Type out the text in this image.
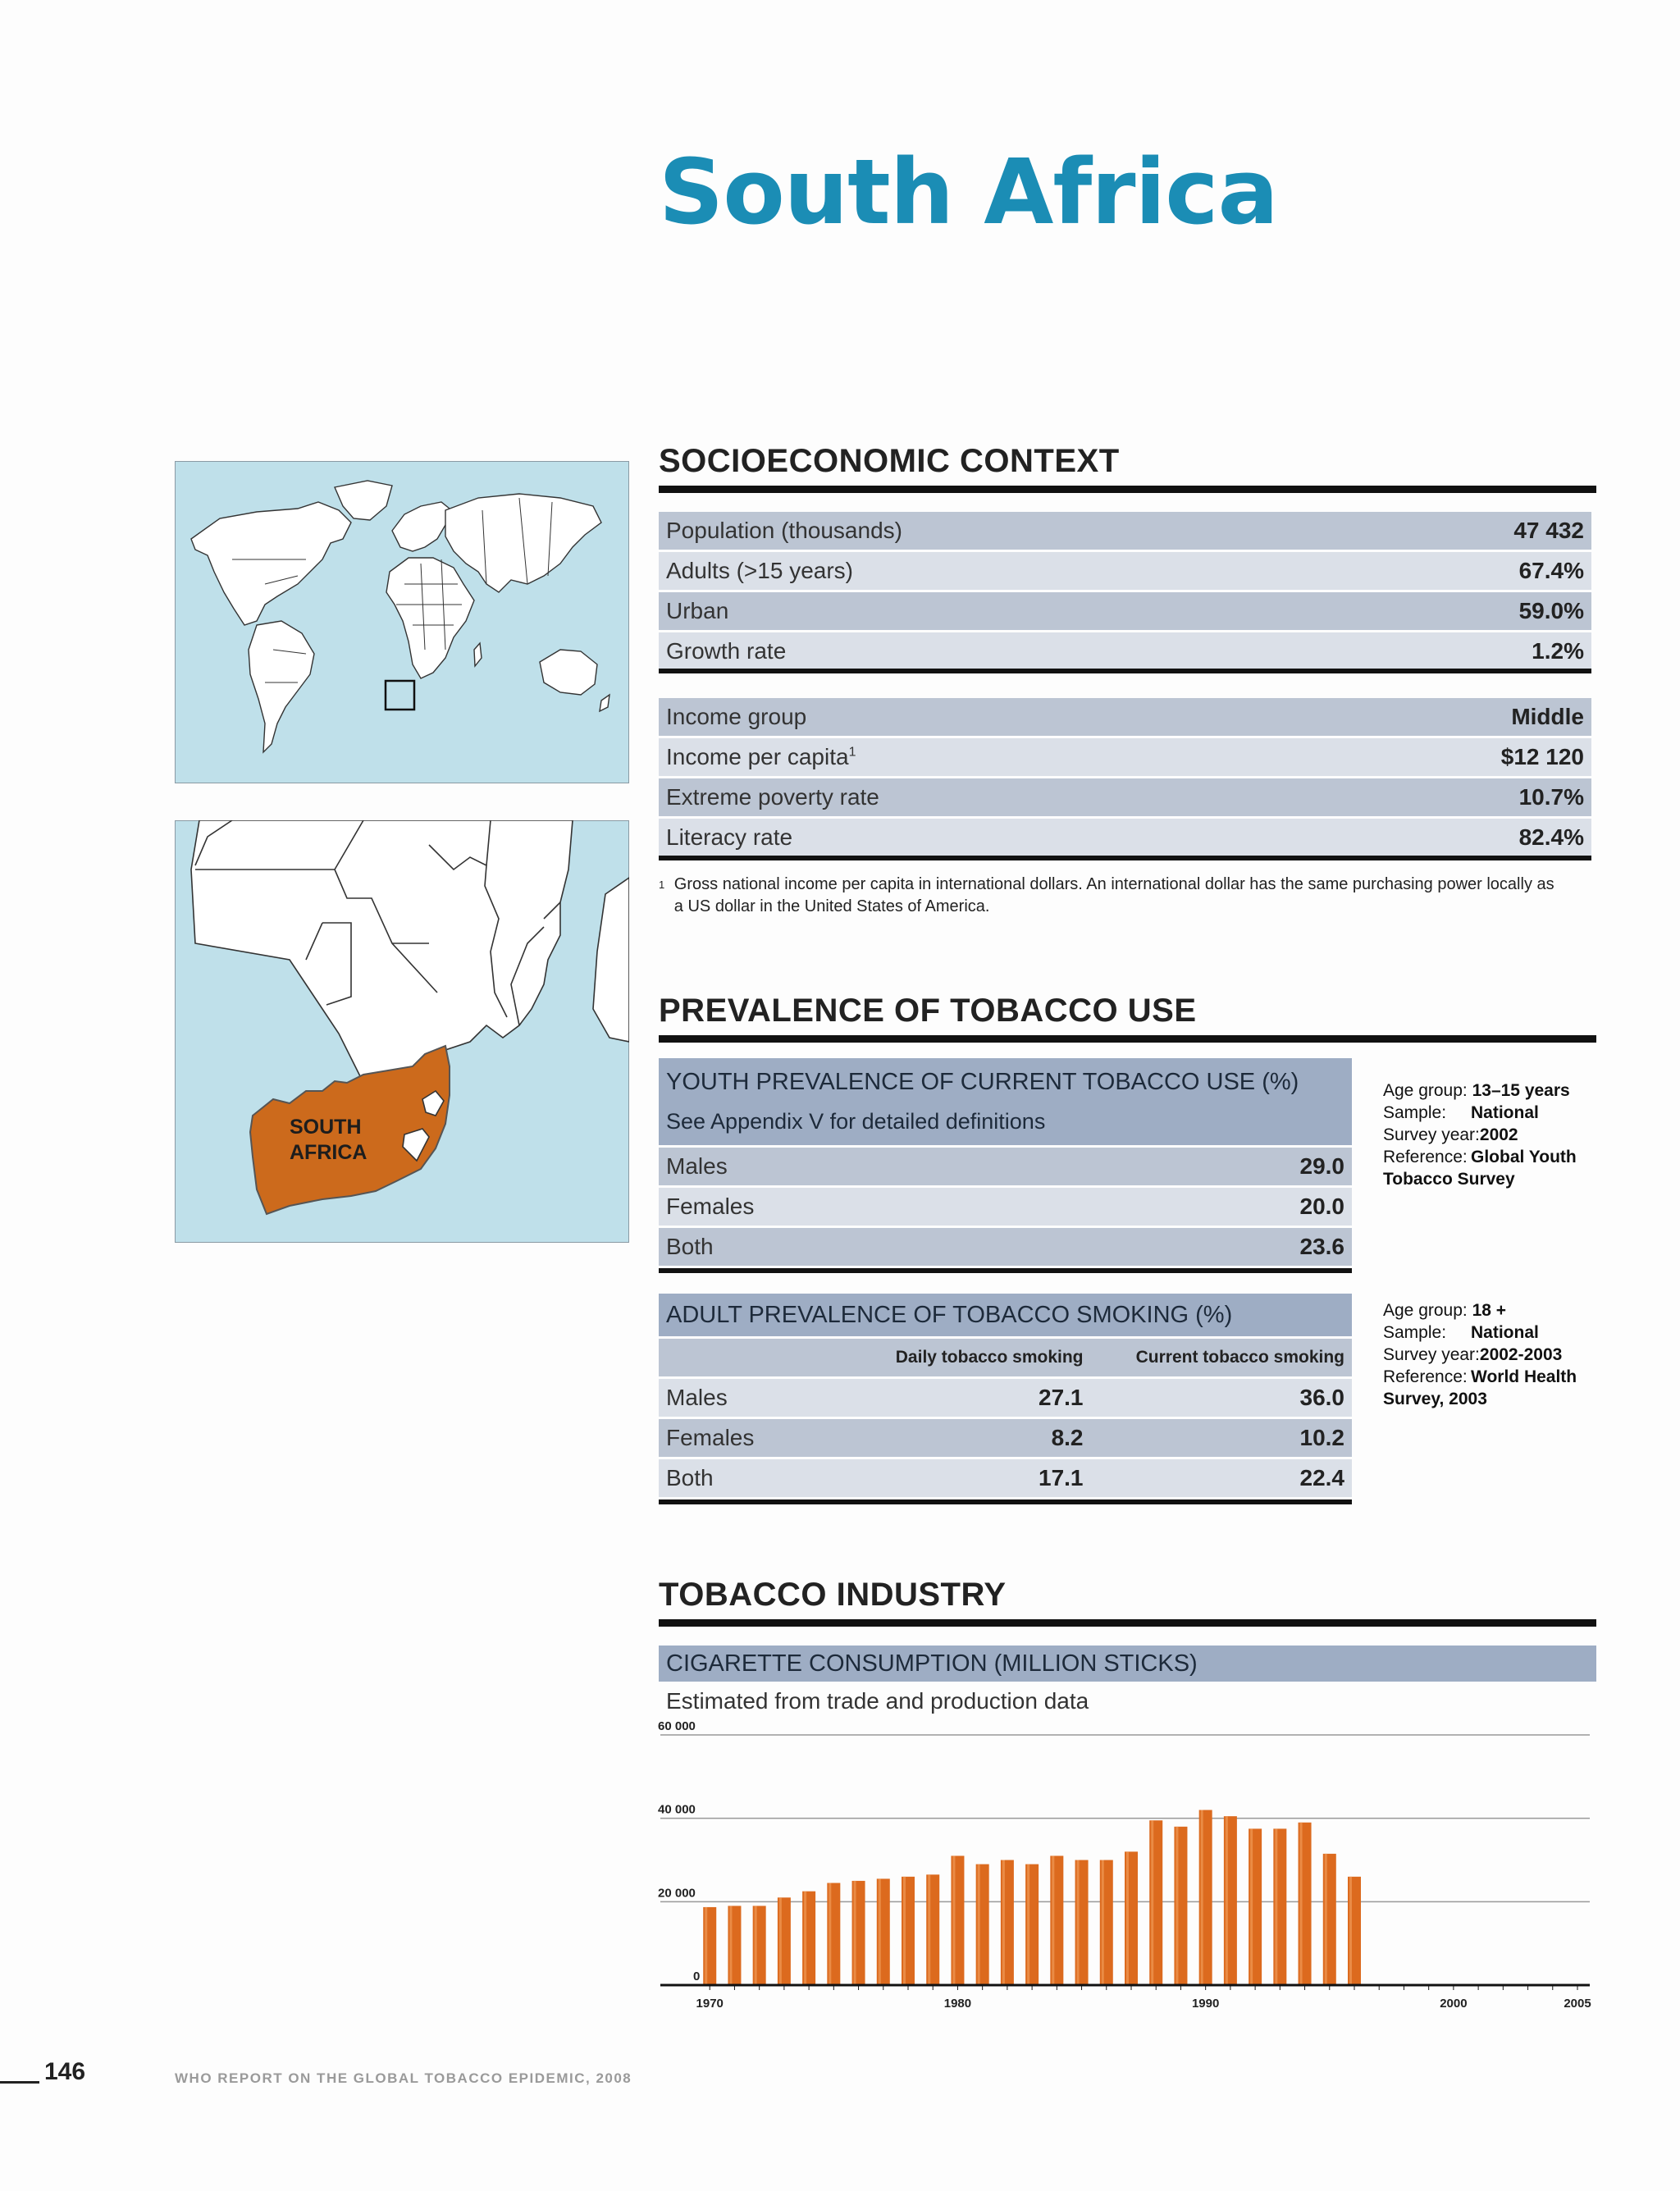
South Africa
SOUTH
AFRICA
SOCIOECONOMIC CONTEXT
Population (thousands)	47 432
Adults (>15 years)	67.4%
Urban	59.0%
Growth rate	1.2%
Income group	Middle
Income per capita$^1$	$12 120
Extreme poverty rate	10.7%
Literacy rate	82.4%
$^1$ Gross national income per capita in international dollars. An international dollar has the same purchasing power locally as a US dollar in the United States of America.
PREVALENCE OF TOBACCO USE
YOUTH PREVALENCE OF CURRENT TOBACCO USE (%)
See Appendix V for detailed definitions
Males	29.0
Females	20.0
Both	23.6
Age group: 13–15 years
Sample: National
Survey year:2002
Reference: Global Youth
Tobacco Survey
ADULT PREVALENCE OF TOBACCO SMOKING (%)
	Daily tobacco smoking	Current tobacco smoking
Males	27.1	36.0
Females	8.2	10.2
Both	17.1	22.4
Age group: 18 +
Sample: National
Survey year:2002-2003
Reference: World Health
Survey, 2003
TOBACCO INDUSTRY
CIGARETTE CONSUMPTION (MILLION STICKS)
Estimated from trade and production data
1970	1980	1990	2000	2005
0
20 000
40 000
60 000
146	WHO REPORT ON THE GLOBAL TOBACCO EPIDEMIC, 2008
